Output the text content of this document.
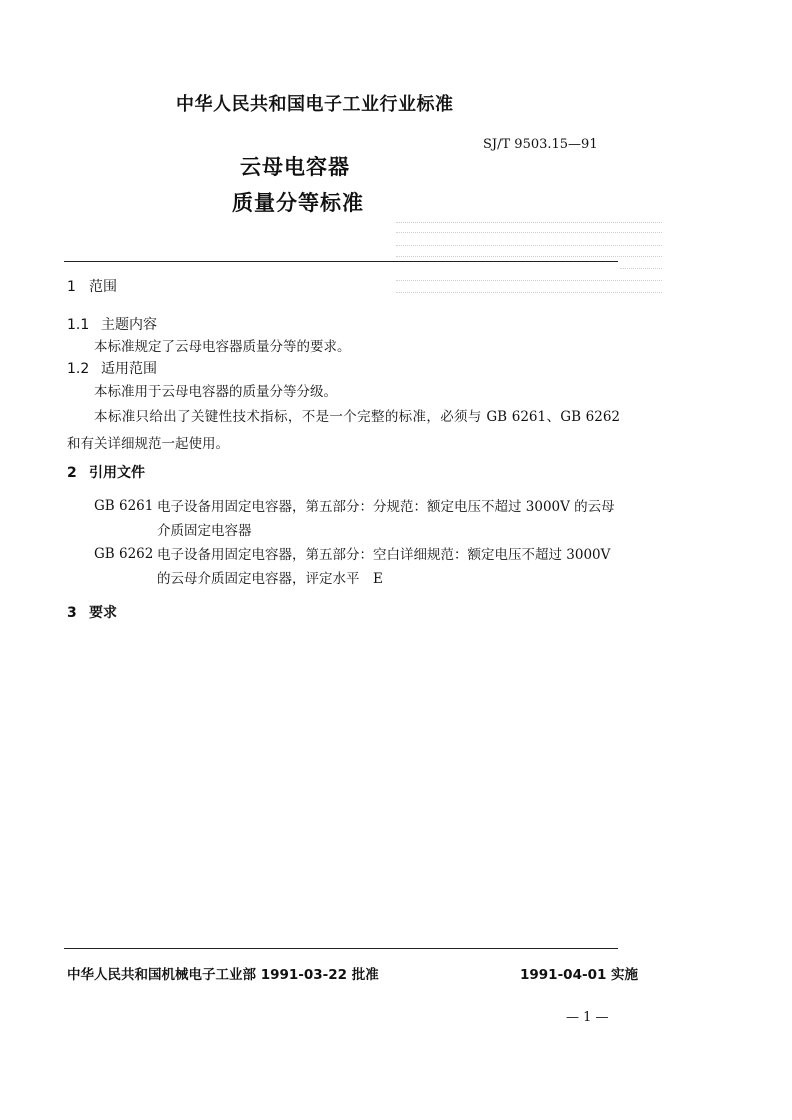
中华人民共和国电子工业行业标准
SJ/T 9503.15—91
云母电容器
质量分等标准
1 范围
1.1 主题内容
本标准规定了云母电容器质量分等的要求。
1.2 适用范围
本标准用于云母电容器的质量分等分级。
本标准只给出了关键性技术指标，不是一个完整的标准，必须与 GB 6261、GB 6262 和有关详细规范一起使用。
2 引用文件
GB 6261 电子设备用固定电容器，第五部分：分规范：额定电压不超过 3000V 的云母介质固定电容器
GB 6262 电子设备用固定电容器，第五部分：空白详细规范：额定电压不超过 3000V 的云母介质固定电容器，评定水平　E
3 要求
中华人民共和国机械电子工业部 1991-03-22 批准	1991-04-01 实施
— 1 —
